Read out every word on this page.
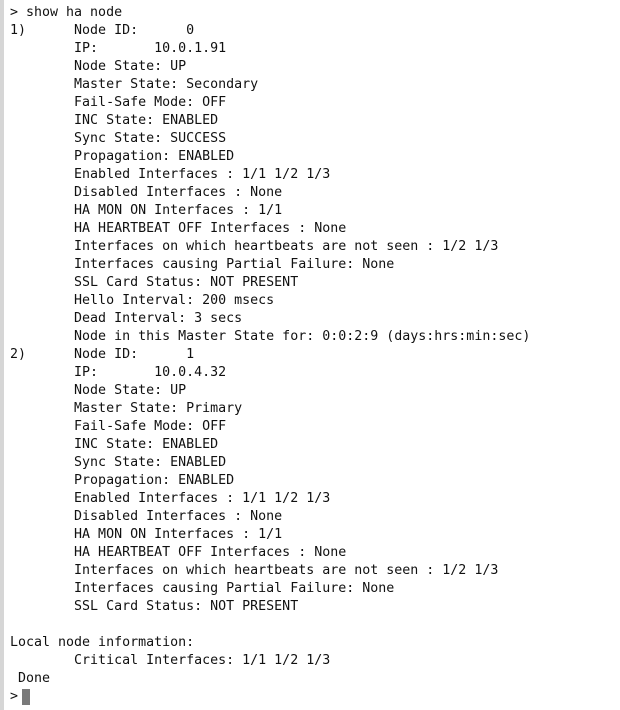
> show ha node
1)      Node ID:      0
IP:       10.0.1.91
Node State: UP
Master State: Secondary
Fail-Safe Mode: OFF
INC State: ENABLED
Sync State: SUCCESS
Propagation: ENABLED
Enabled Interfaces : 1/1 1/2 1/3
Disabled Interfaces : None
HA MON ON Interfaces : 1/1
HA HEARTBEAT OFF Interfaces : None
Interfaces on which heartbeats are not seen : 1/2 1/3
Interfaces causing Partial Failure: None
SSL Card Status: NOT PRESENT
Hello Interval: 200 msecs
Dead Interval: 3 secs
Node in this Master State for: 0:0:2:9 (days:hrs:min:sec)
2)      Node ID:      1
IP:       10.0.4.32
Node State: UP
Master State: Primary
Fail-Safe Mode: OFF
INC State: ENABLED
Sync State: ENABLED
Propagation: ENABLED
Enabled Interfaces : 1/1 1/2 1/3
Disabled Interfaces : None
HA MON ON Interfaces : 1/1
HA HEARTBEAT OFF Interfaces : None
Interfaces on which heartbeats are not seen : 1/2 1/3
Interfaces causing Partial Failure: None
SSL Card Status: NOT PRESENT
Local node information:
Critical Interfaces: 1/1 1/2 1/3
Done
>
